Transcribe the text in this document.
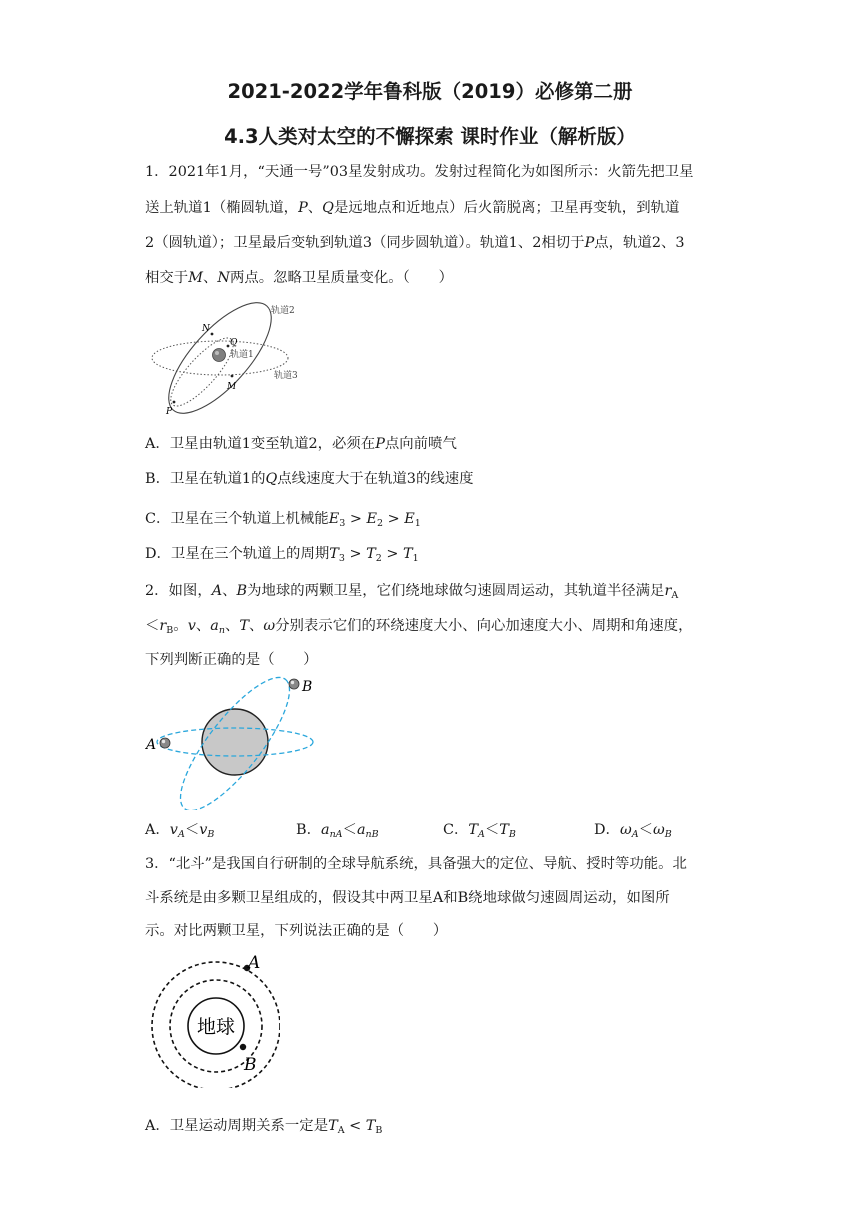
2021-2022学年鲁科版（2019）必修第二册
4.3人类对太空的不懈探索 课时作业（解析版）
1．2021年1月，“天通一号”03星发射成功。发射过程简化为如图所示：火箭先把卫星
送上轨道1（椭圆轨道，P、Q是远地点和近地点）后火箭脱离；卫星再变轨，到轨道
2（圆轨道）；卫星最后变轨到轨道3（同步圆轨道）。轨道1、2相切于P点，轨道2、3
相交于M、N两点。忽略卫星质量变化。（　　）
N
Q
轨道1
轨道2
轨道3
M
P
A．卫星由轨道1变至轨道2，必须在P点向前喷气
B．卫星在轨道1的Q点线速度大于在轨道3的线速度
C．卫星在三个轨道上机械能$E_3 > E_2 > E_1$
D．卫星在三个轨道上的周期$T_3 > T_2 > T_1$
2．如图，A、B为地球的两颗卫星，它们绕地球做匀速圆周运动，其轨道半径满足$r_A$
$<r_B$。v、$a_n$、T、ω分别表示它们的环绕速度大小、向心加速度大小、周期和角速度，
下列判断正确的是（　　）
A
B
A．$v_A<v_B$	B．$a_{nA}<a_{nB}$	C．$T_A<T_B$	D．$\omega_A<\omega_B$
3．“北斗”是我国自行研制的全球导航系统，具备强大的定位、导航、授时等功能。北
斗系统是由多颗卫星组成的，假设其中两卫星A和B绕地球做匀速圆周运动，如图所
示。对比两颗卫星，下列说法正确的是（　　）
地球
A
B
A．卫星运动周期关系一定是$T_A < T_B$
